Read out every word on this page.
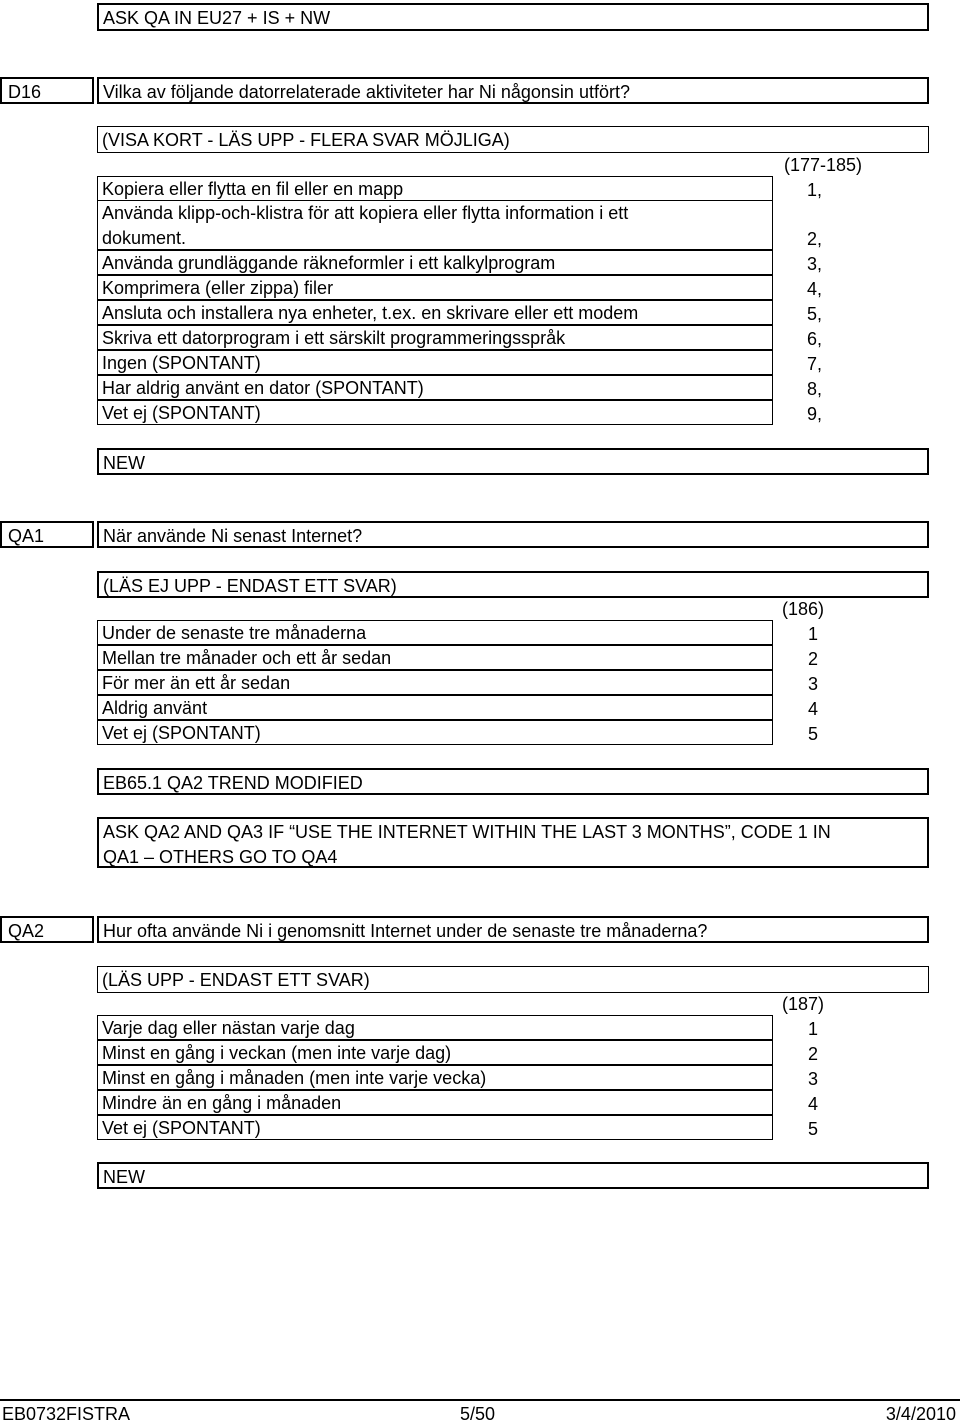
ASK QA IN EU27 + IS + NW
D16	Vilka av följande datorrelaterade aktiviteter har Ni någonsin utfört?
(VISA KORT - LÄS UPP - FLERA SVAR MÖJLIGA)
(177-185)
Kopiera eller flytta en fil eller en mapp	1,
Använda klipp-och-klistra för att kopiera eller flytta information i ett
dokument.	2,
Använda grundläggande räkneformler i ett kalkylprogram	3,
Komprimera (eller zippa) filer	4,
Ansluta och installera nya enheter, t.ex. en skrivare eller ett modem	5,
Skriva ett datorprogram i ett särskilt programmeringsspråk	6,
Ingen (SPONTANT)	7,
Har aldrig använt en dator (SPONTANT)	8,
Vet ej (SPONTANT)	9,
NEW
QA1	När använde Ni senast Internet?
(LÄS EJ UPP - ENDAST ETT SVAR)
(186)
Under de senaste tre månaderna	1
Mellan tre månader och ett år sedan	2
För mer än ett år sedan	3
Aldrig använt	4
Vet ej (SPONTANT)	5
EB65.1 QA2 TREND MODIFIED
ASK QA2 AND QA3 IF “USE THE INTERNET WITHIN THE LAST 3 MONTHS”, CODE 1 IN
QA1 – OTHERS GO TO QA4
QA2	Hur ofta använde Ni i genomsnitt Internet under de senaste tre månaderna?
(LÄS UPP - ENDAST ETT SVAR)
(187)
Varje dag eller nästan varje dag	1
Minst en gång i veckan (men inte varje dag)	2
Minst en gång i månaden (men inte varje vecka)	3
Mindre än en gång i månaden	4
Vet ej (SPONTANT)	5
NEW
EB0732FISTRA	5/50	3/4/2010
